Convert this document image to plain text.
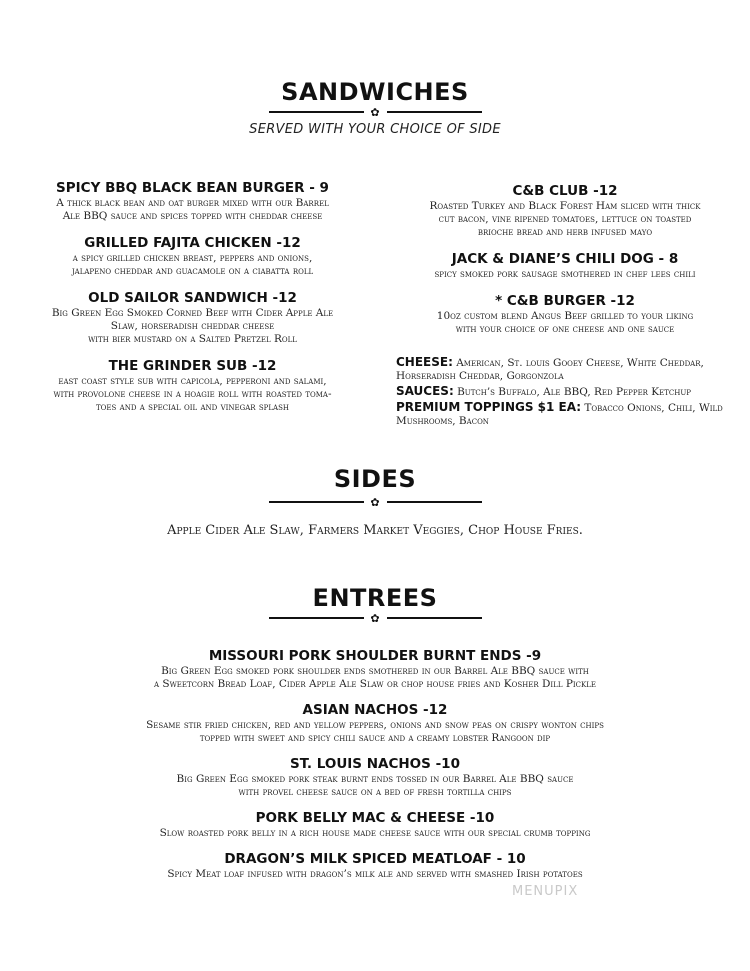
SANDWICHES
✿
SERVED WITH YOUR CHOICE OF SIDE
SPICY BBQ BLACK BEAN BURGER - 9
A thick black bean and oat burger mixed with our Barrel
Ale BBQ sauce and spices topped with cheddar cheese
GRILLED FAJITA CHICKEN -12
a spicy grilled chicken breast, peppers and onions,
jalapeno cheddar and guacamole on a ciabatta roll
OLD SAILOR SANDWICH -12
Big Green Egg Smoked Corned Beef with Cider Apple Ale
Slaw, horseradish cheddar cheese
with bier mustard on a Salted Pretzel Roll
THE GRINDER SUB -12
east coast style sub with capicola, pepperoni and salami,
with provolone cheese in a hoagie roll with roasted toma-
toes and a special oil and vinegar splash
C&B CLUB -12
Roasted Turkey and Black Forest Ham sliced with thick
cut bacon, vine ripened tomatoes, lettuce on toasted
brioche bread and herb infused mayo
JACK & DIANE’S CHILI DOG - 8
spicy smoked pork sausage smothered in chef lees chili
* C&B BURGER -12
10oz custom blend Angus Beef grilled to your liking
with your choice of one cheese and one sauce
CHEESE: American, St. louis Gooey Cheese, White Cheddar, Horseradish Cheddar, Gorgonzola
SAUCES: Butch’s Buffalo, Ale BBQ, Red Pepper Ketchup
PREMIUM TOPPINGS $1 EA: Tobacco Onions, Chili, Wild Mushrooms, Bacon
SIDES
✿
Apple Cider Ale Slaw, Farmers Market Veggies, Chop House Fries.
ENTREES
✿
MISSOURI PORK SHOULDER BURNT ENDS -9
Big Green Egg smoked pork shoulder ends smothered in our Barrel Ale BBQ sauce with
a Sweetcorn Bread Loaf, Cider Apple Ale Slaw or chop house fries and Kosher Dill Pickle
ASIAN NACHOS -12
Sesame stir fried chicken, red and yellow peppers, onions and snow peas on crispy wonton chips
topped with sweet and spicy chili sauce and a creamy lobster Rangoon dip
ST. LOUIS NACHOS -10
Big Green Egg smoked pork steak burnt ends tossed in our Barrel Ale BBQ sauce
with provel cheese sauce on a bed of fresh tortilla chips
PORK BELLY MAC & CHEESE -10
Slow roasted pork belly in a rich house made cheese sauce with our special crumb topping
DRAGON’S MILK SPICED MEATLOAF - 10
Spicy Meat loaf infused with dragon’s milk ale and served with smashed Irish potatoes
MENUPIX
